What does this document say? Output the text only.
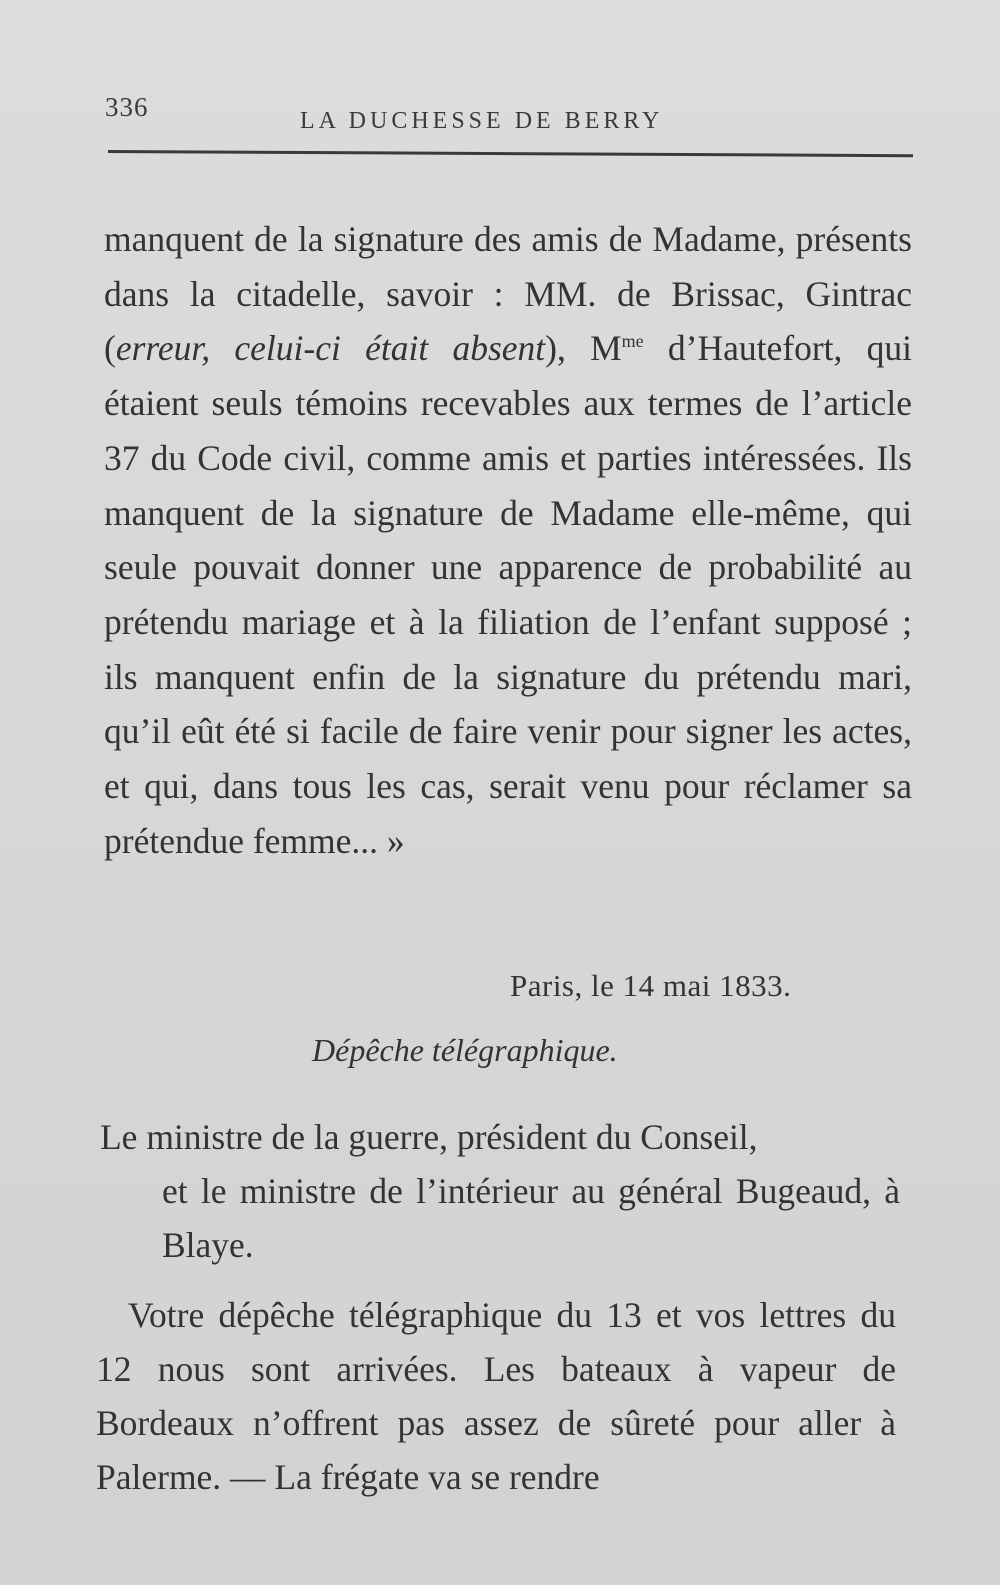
336	LA DUCHESSE DE BERRY

manquent de la signature des amis de Madame, présents dans la citadelle, savoir : MM. de Brissac, Gintrac (erreur, celui-ci était absent), $M^{me}$ d’Hautefort, qui étaient seuls témoins recevables aux termes de l’article 37 du Code civil, comme amis et parties intéressées. Ils manquent de la signature de Madame elle-même, qui seule pouvait donner une apparence de probabilité au prétendu mariage et à la filiation de l’enfant supposé ; ils manquent enfin de la signature du prétendu mari, qu’il eût été si facile de faire venir pour signer les actes, et qui, dans tous les cas, serait venu pour réclamer sa prétendue femme... »

Paris, le 14 mai 1833.
Dépêche télégraphique.
Le ministre de la guerre, président du Conseil,
et le ministre de l’intérieur au général Bugeaud, à Blaye.

Votre dépêche télégraphique du 13 et vos lettres du 12 nous sont arrivées. Les bateaux à vapeur de Bordeaux n’offrent pas assez de sûreté pour aller à Palerme. — La frégate va se rendre
